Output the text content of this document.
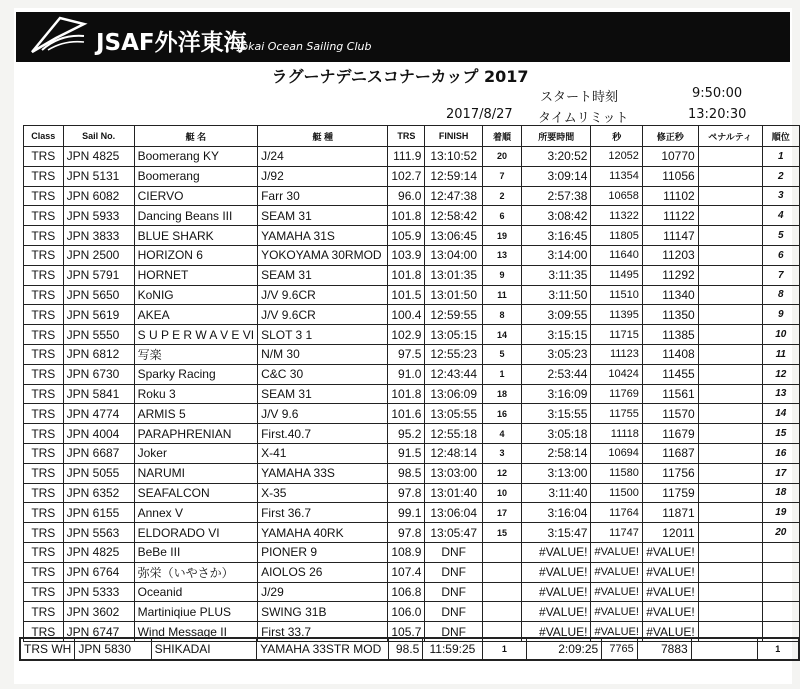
JSAF外洋東海
Tokai Ocean Sailing Club
ラグーナデニスコナーカップ 2017
スタート時刻	9:50:00
2017/8/27 タイムリミット	13:20:30
Class	Sail No.	艇 名	艇 種	TRS	FINISH	着順	所要時間	秒	修正秒	ペナルティ	順位
TRS	JPN 4825	Boomerang KY	J/24	111.9	13:10:52	20	3:20:52	12052	10770		1
TRS	JPN 5131	Boomerang	J/92	102.7	12:59:14	7	3:09:14	11354	11056		2
TRS	JPN 6082	CIERVO	Farr 30	96.0	12:47:38	2	2:57:38	10658	11102		3
TRS	JPN 5933	Dancing Beans III	SEAM 31	101.8	12:58:42	6	3:08:42	11322	11122		4
TRS	JPN 3833	BLUE SHARK	YAMAHA 31S	105.9	13:06:45	19	3:16:45	11805	11147		5
TRS	JPN 2500	HORIZON 6	YOKOYAMA 30RMOD	103.9	13:04:00	13	3:14:00	11640	11203		6
TRS	JPN 5791	HORNET	SEAM 31	101.8	13:01:35	9	3:11:35	11495	11292		7
TRS	JPN 5650	KoNIG	J/V 9.6CR	101.5	13:01:50	11	3:11:50	11510	11340		8
TRS	JPN 5619	AKEA	J/V 9.6CR	100.4	12:59:55	8	3:09:55	11395	11350		9
TRS	JPN 5550	S U P E R W A V E VI	SLOT 3 1	102.9	13:05:15	14	3:15:15	11715	11385		10
TRS	JPN 6812	写楽	N/M 30	97.5	12:55:23	5	3:05:23	11123	11408		11
TRS	JPN 6730	Sparky Racing	C&C 30	91.0	12:43:44	1	2:53:44	10424	11455		12
TRS	JPN 5841	Roku 3	SEAM 31	101.8	13:06:09	18	3:16:09	11769	11561		13
TRS	JPN 4774	ARMIS 5	J/V 9.6	101.6	13:05:55	16	3:15:55	11755	11570		14
TRS	JPN 4004	PARAPHRENIAN	First.40.7	95.2	12:55:18	4	3:05:18	11118	11679		15
TRS	JPN 6687	Joker	X-41	91.5	12:48:14	3	2:58:14	10694	11687		16
TRS	JPN 5055	NARUMI	YAMAHA 33S	98.5	13:03:00	12	3:13:00	11580	11756		17
TRS	JPN 6352	SEAFALCON	X-35	97.8	13:01:40	10	3:11:40	11500	11759		18
TRS	JPN 6155	Annex V	First 36.7	99.1	13:06:04	17	3:16:04	11764	11871		19
TRS	JPN 5563	ELDORADO VI	YAMAHA 40RK	97.8	13:05:47	15	3:15:47	11747	12011		20
TRS	JPN 4825	BeBe III	PIONER 9	108.9	DNF		#VALUE!	#VALUE!	#VALUE!		
TRS	JPN 6764	弥栄（いやさか）	AIOLOS 26	107.4	DNF		#VALUE!	#VALUE!	#VALUE!		
TRS	JPN 5333	Oceanid	J/29	106.8	DNF		#VALUE!	#VALUE!	#VALUE!		
TRS	JPN 3602	Martiniqiue PLUS	SWING 31B	106.0	DNF		#VALUE!	#VALUE!	#VALUE!		
TRS	JPN 6747	Wind Message II	First 33.7	105.7	DNF		#VALUE!	#VALUE!	#VALUE!		
TRS WH	JPN 5830	SHIKADAI	YAMAHA 33STR MOD	98.5	11:59:25	1	2:09:25	7765	7883		1
